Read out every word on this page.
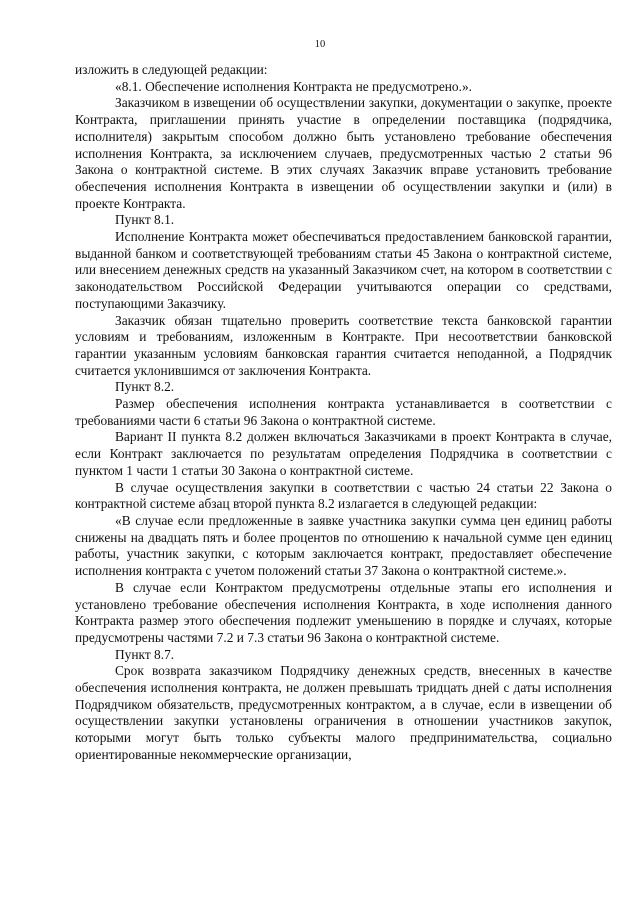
10

изложить в следующей редакции:

«8.1. Обеспечение исполнения Контракта не предусмотрено.».

Заказчиком в извещении об осуществлении закупки, документации о закупке, проекте Контракта, приглашении принять участие в определении поставщика (подрядчика, исполнителя) закрытым способом должно быть установлено требование обеспечения исполнения Контракта, за исключением случаев, предусмотренных частью 2 статьи 96 Закона о контрактной системе. В этих случаях Заказчик вправе установить требование обеспечения исполнения Контракта в извещении об осуществлении закупки и (или) в проекте Контракта.

Пункт 8.1.

Исполнение Контракта может обеспечиваться предоставлением банковской гарантии, выданной банком и соответствующей требованиям статьи 45 Закона о контрактной системе, или внесением денежных средств на указанный Заказчиком счет, на котором в соответствии с законодательством Российской Федерации учитываются операции со средствами, поступающими Заказчику.

Заказчик обязан тщательно проверить соответствие текста банковской гарантии условиям и требованиям, изложенным в Контракте. При несоответствии банковской гарантии указанным условиям банковская гарантия считается неподанной, а Подрядчик считается уклонившимся от заключения Контракта.

Пункт 8.2.

Размер обеспечения исполнения контракта устанавливается в соответствии с требованиями части 6 статьи 96 Закона о контрактной системе.

Вариант II пункта 8.2 должен включаться Заказчиками в проект Контракта в случае, если Контракт заключается по результатам определения Подрядчика в соответствии с пунктом 1 части 1 статьи 30 Закона о контрактной системе.

В случае осуществления закупки в соответствии с частью 24 статьи 22 Закона о контрактной системе абзац второй пункта 8.2 излагается в следующей редакции:

«В случае если предложенные в заявке участника закупки сумма цен единиц работы снижены на двадцать пять и более процентов по отношению к начальной сумме цен единиц работы, участник закупки, с которым заключается контракт, предоставляет обеспечение исполнения контракта с учетом положений статьи 37 Закона о контрактной системе.».

В случае если Контрактом предусмотрены отдельные этапы его исполнения и установлено требование обеспечения исполнения Контракта, в ходе исполнения данного Контракта размер этого обеспечения подлежит уменьшению в порядке и случаях, которые предусмотрены частями 7.2 и 7.3 статьи 96 Закона о контрактной системе.

Пункт 8.7.

Срок возврата заказчиком Подрядчику денежных средств, внесенных в качестве обеспечения исполнения контракта, не должен превышать тридцать дней с даты исполнения Подрядчиком обязательств, предусмотренных контрактом, а в случае, если в извещении об осуществлении закупки установлены ограничения в отношении участников закупок, которыми могут быть только субъекты малого предпринимательства, социально ориентированные некоммерческие организации,
